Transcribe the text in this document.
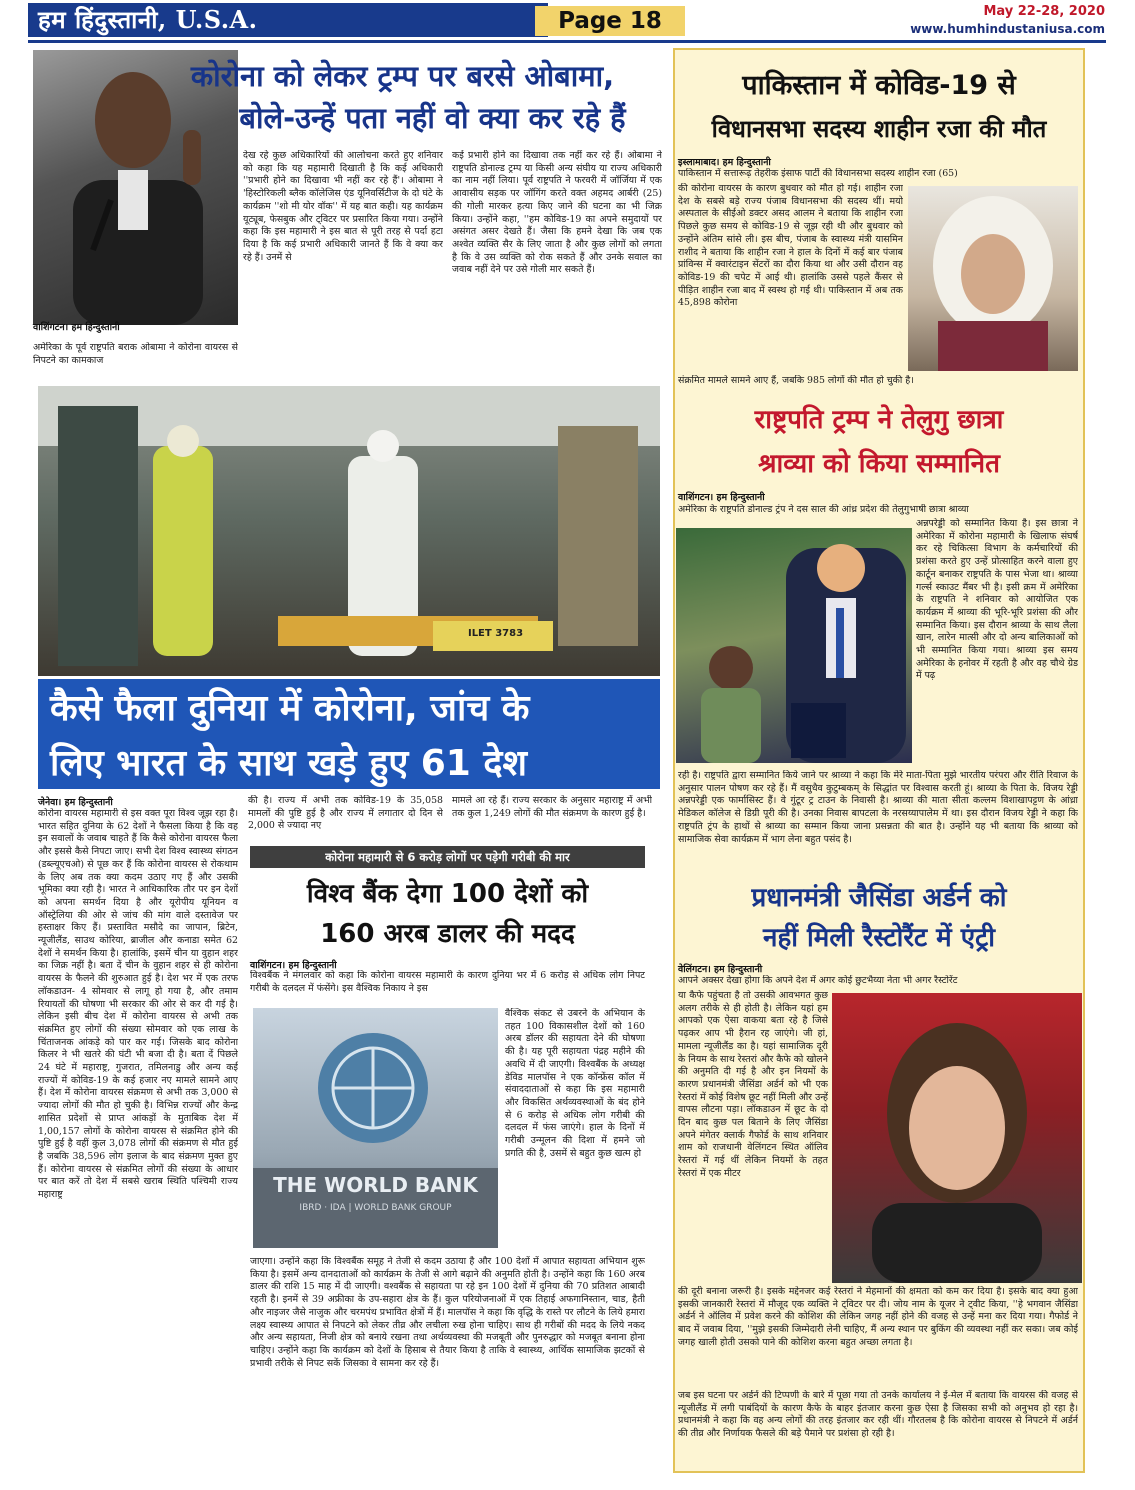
हम हिंदुस्तानी, U.S.A.	Page 18	May 22-28, 2020
www.humhindustaniusa.com
कोरोना को लेकर ट्रम्प पर बरसे ओबामा,
बोले-उन्हें पता नहीं वो क्या कर रहे हैं
वाशिंगटन। हम हिन्दुस्तानी
अमेरिका के पूर्व राष्ट्रपति बराक ओबामा ने कोरोना वायरस से निपटने का कामकाज
देख रहे कुछ अधिकारियों की आलोचना करते हुए शनिवार को कहा कि यह महामारी दिखाती है कि कई अधिकारी ''प्रभारी होने का दिखावा भी नहीं कर रहे हैं'। ओबामा ने 'हिस्टोरिकली ब्लैक कॉलेजिस एंड यूनिवर्सिटीज के दो घंटे के कार्यक्रम ''शो मी योर वॉक'' में यह बात कही। यह कार्यक्रम यूट्यूब, फेसबुक और ट्विटर पर प्रसारित किया गया। उन्होंने कहा कि इस महामारी ने इस बात से पूरी तरह से पर्दा हटा दिया है कि कई प्रभारी अधिकारी जानते हैं कि वे क्या कर रहे हैं। उनमें से
कई प्रभारी होने का दिखावा तक नहीं कर रहे हैं। ओबामा ने राष्ट्रपति डोनाल्ड ट्रम्प या किसी अन्य संघीय या राज्य अधिकारी का नाम नहीं लिया। पूर्व राष्ट्रपति ने फरवरी में जॉर्जिया में एक आवासीय सड़क पर जॉगिंग करते वक्त अहमद आर्बरी (25) की गोली मारकर हत्या किए जाने की घटना का भी जिक्र किया। उन्होंने कहा, ''हम कोविड-19 का अपने समुदायों पर असंगत असर देखते हैं। जैसा कि हमने देखा कि जब एक अश्वेत व्यक्ति सैर के लिए जाता है और कुछ लोगों को लगता है कि वे उस व्यक्ति को रोक सकते हैं और उनके सवाल का जवाब नहीं देने पर उसे गोली मार सकते हैं।
ILET 3783
कैसे फैला दुनिया में कोरोना, जांच के
लिए भारत के साथ खड़े हुए 61 देश
जेनेवा। हम हिन्दुस्तानी
कोरोना वायरस महामारी से इस वक्त पूरा विश्व जूझ रहा है। भारत सहित दुनिया के 62 देशों ने फैसला किया है कि वह इन सवालों के जवाब चाहते हैं कि कैसे कोरोना वायरस फैला और इससे कैसे निपटा जाए। सभी देश विश्व स्वास्थ्य संगठन (डब्ल्यूएचओ) से पूछ कर हैं कि कोरोना वायरस से रोकथाम के लिए अब तक क्या कदम उठाए गए हैं और उसकी भूमिका क्या रही है। भारत ने आधिकारिक तौर पर इन देशों को अपना समर्थन दिया है और यूरोपीय यूनियन व ऑस्ट्रेलिया की ओर से जांच की मांग वाले दस्तावेज पर हस्ताक्षर किए हैं। प्रस्तावित मसौदे का जापान, ब्रिटेन, न्यूजीलैंड, साउथ कोरिया, ब्राजील और कनाडा समेत 62 देशों ने समर्थन किया है। हालांकि, इसमें चीन या वुहान शहर का जिक्र नहीं है। बता दें चीन के वुहान शहर से ही कोरोना वायरस के फैलने की शुरुआत हुई है। देश भर में एक तरफ लॉकडाउन- 4 सोमवार से लागू हो गया है, और तमाम रियायतों की घोषणा भी सरकार की ओर से कर दी गई है। लेकिन इसी बीच देश में कोरोना वायरस से अभी तक संक्रमित हुए लोगों की संख्या सोमवार को एक लाख के चिंताजनक आंकड़े को पार कर गई। जिसके बाद कोरोना किलर ने भी खतरे की घंटी भी बजा दी है। बता दें पिछले 24 घंटे में महाराष्ट्र, गुजरात, तमिलनाडु और अन्य कई राज्यों में कोविड-19 के कई हजार नए मामले सामने आए हैं। देश में कोरोना वायरस संक्रमण से अभी तक 3,000 से ज्यादा लोगों की मौत हो चुकी है। विभिन्न राज्यों और केन्द्र शासित प्रदेशों से प्राप्त आंकड़ों के मुताबिक देश में 1,00,157 लोगों के कोरोना वायरस से संक्रमित होने की पुष्टि हुई है वहीं कुल 3,078 लोगों की संक्रमण से मौत हुई है जबकि 38,596 लोग इलाज के बाद संक्रमण मुक्त हुए हैं। कोरोना वायरस से संक्रमित लोगों की संख्या के आधार पर बात करें तो देश में सबसे खराब स्थिति पश्चिमी राज्य महाराष्ट्र
की है। राज्य में अभी तक कोविड-19 के 35,058 मामलों की पुष्टि हुई है और राज्य में लगातार दो दिन से 2,000 से ज्यादा नए
मामले आ रहे हैं। राज्य सरकार के अनुसार महाराष्ट्र में अभी तक कुल 1,249 लोगों की मौत संक्रमण के कारण हुई है।
कोरोना महामारी से 6 करोड़ लोगों पर पड़ेगी गरीबी की मार
विश्व बैंक देगा 100 देशों को
160 अरब डालर की मदद
वाशिंगटन। हम हिन्दुस्तानी
विश्वबैंक ने मंगलवार को कहा कि कोरोना वायरस महामारी के कारण दुनिया भर में 6 करोड़ से अधिक लोग निपट गरीबी के दलदल में फंसेंगे। इस वैश्विक निकाय ने इस
THE WORLD BANK
IBRD · IDA | WORLD BANK GROUP
वैश्विक संकट से उबरने के अभियान के तहत 100 विकासशील देशों को 160 अरब डॉलर की सहायता देने की घोषणा की है। यह पूरी सहायता पंद्रह महीने की अवधि में दी जाएगी। विश्वबैंक के अध्यक्ष डेविड मालपॉस ने एक कॉन्फ्रेंस कॉल में संवाददाताओं से कहा कि इस महामारी और विकसित अर्थव्यवस्थाओं के बंद होने से 6 करोड़ से अधिक लोग गरीबी की दलदल में फंस जाएंगे। हाल के दिनों में गरीबी उन्मूलन की दिशा में हमने जो प्रगति की है, उसमें से बहुत कुछ खत्म हो
जाएगा। उन्होंने कहा कि विश्वबैंक समूह ने तेजी से कदम उठाया है और 100 देशों में आपात सहायता अभियान शुरू किया है। इसमें अन्य दानदाताओं को कार्यक्रम के तेजी से आगे बढ़ाने की अनुमति होती है। उन्होंने कहा कि 160 अरब डालर की राशि 15 माह में दी जाएगी। वश्वबैंक से सहायता पा रहे इन 100 देशों में दुनिया की 70 प्रतिशत आबादी रहती है। इनमें से 39 अफ्रीका के उप-सहारा क्षेत्र के हैं। कुल परियोजनाओं में एक तिहाई अफगानिस्तान, चाड, हैती और नाइजर जैसे नाजुक और चरमपंथ प्रभावित क्षेत्रों में हैं। मालपॉस ने कहा कि वृद्धि के रास्ते पर लौटने के लिये हमारा लक्ष्य स्वास्थ्य आपात से निपटने को लेकर तीव्र और लचीला रुख होना चाहिए। साथ ही गरीबों की मदद के लिये नकद और अन्य सहायता, निजी क्षेत्र को बनाये रखना तथा अर्थव्यवस्था की मजबूती और पुनरुद्धार को मजबूत बनाना होना चाहिए। उन्होंने कहा कि कार्यक्रम को देशों के हिसाब से तैयार किया है ताकि वे स्वास्थ्य, आर्थिक सामाजिक झटकों से प्रभावी तरीके से निपट सकें जिसका वे सामना कर रहे हैं।
पाकिस्तान में कोविड-19 से
विधानसभा सदस्य शाहीन रजा की मौत
इस्लामाबाद। हम हिन्दुस्तानी
पाकिस्तान में सत्तारूढ़ तेहरीक इंसाफ पार्टी की विधानसभा सदस्य शाहीन रजा (65)
की कोरोना वायरस के कारण बुधवार को मौत हो गई। शाहीन रजा देश के सबसे बड़े राज्य पंजाब विधानसभा की सदस्य थीं। मयो अस्पताल के सीईओ डक्टर असद आलम ने बताया कि शाहीन रजा पिछले कुछ समय से कोविड-19 से जूझ रही थी और बुधवार को उन्होंने अंतिम सांसे ली। इस बीच, पंजाब के स्वास्थ्य मंत्री यासमिन राशीद ने बताया कि शाहीन रजा ने हाल के दिनों में कई बार पंजाब प्रांविन्स में क्वारंटाइन सेंटरों का दौरा किया था और उसी दौरान वह कोविड-19 की चपेट में आई थी। हालांकि उससे पहले कैंसर से पीड़ित शाहीन रजा बाद में स्वस्थ हो गई थी। पाकिस्तान में अब तक 45,898 कोरोना
संक्रमित मामले सामने आए हैं, जबकि 985 लोगों की मौत हो चुकी है।
राष्ट्रपति ट्रम्प ने तेलुगु छात्रा
श्राव्या को किया सम्मानित
वाशिंगटन। हम हिन्दुस्तानी
अमेरिका के राष्ट्रपति डोनाल्ड ट्रंप ने दस साल की आंध्र प्रदेश की तेलुगुभाषी छात्रा श्राव्या
अन्नपरेड्डी को सम्मानित किया है। इस छात्रा ने अमेरिका में कोरोना महामारी के खिलाफ संघर्ष कर रहे चिकित्सा विभाग के कर्मचारियों की प्रशंसा करते हुए उन्हें प्रोत्साहित करने वाला हुए कार्टून बनाकर राष्ट्रपति के पास भेजा था। श्राव्या गर्ल्स स्काउट मैंबर भी है। इसी क्रम में अमेरिका के राष्ट्रपति ने शनिवार को आयोजित एक कार्यक्रम में श्राव्या की भूरि-भूरि प्रशंसा की और सम्मानित किया। इस दौरान श्राव्या के साथ लैला खान, लारेन मात्सी और दो अन्य बालिकाओं को भी सम्मानित किया गया। श्राव्या इस समय अमेरिका के हनोवर में रहती है और वह चौथे ग्रेड में पढ़
रही है। राष्ट्रपति द्वारा सम्मानित किये जाने पर श्राव्या ने कहा कि मेरे माता-पिता मुझे भारतीय परंपरा और रीति रिवाज के अनुसार पालन पोषण कर रहे हैं। मैं वसुधैव कुटुम्बकम् के सिद्धांत पर विश्वास करती हूं। श्राव्या के पिता के. विजय रेड्डी अन्नपरेड्डी एक फार्मासिस्ट हैं। वे गुंटूर ट्र टाउन के निवासी है। श्राव्या की माता सीता कल्लम विशाखापट्टण के आंध्रा मेडिकल कॉलेज से डिग्री पूरी की है। उनका निवास बापटला के नरसय्यापालेम में था। इस दौरान विजय रेड्डी ने कहा कि राष्ट्रपति ट्रंप के हाथों से श्राव्या का सम्मान किया जाना प्रसन्नता की बात है। उन्होंने यह भी बताया कि श्राव्या को सामाजिक सेवा कार्यक्रम में भाग लेना बहुत पसंद है।
प्रधानमंत्री जैसिंडा अर्डर्न को
नहीं मिली रैस्टोरैंट में एंट्री
वेलिंगटन। हम हिन्दुस्तानी
आपने अक्सर देखा होगा कि अपने देश में अगर कोई छुटभैय्या नेता भी अगर रैस्टोरेंट
या कैफे पहुंचता है तो उसकी आवभगत कुछ अलग तरीके से ही होती है। लेकिन यहां हम आपको एक ऐसा वाकया बता रहे है जिसे पढ़कर आप भी हैरान रह जाएंगे। जी हां, मामला न्यूजीलैंड का है। यहां सामाजिक दूरी के नियम के साथ रेस्तरां और कैफे को खोलने की अनुमति दी गई है और इन नियमों के कारण प्रधानमंत्री जैसिंडा अर्डर्न को भी एक रेस्तरां में कोई विशेष छूट नहीं मिली और उन्हें वापस लौटना पड़ा। लॉकडाउन में छूट के दो दिन बाद कुछ पल बिताने के लिए जैसिंडा अपने मंगेतर क्लार्क गैफोर्ड के साथ शनिवार शाम को राजधानी वेलिंगटन स्थित ऑलिव रेस्तरां में गई थीं लेकिन नियमों के तहत रेस्तरां में एक मीटर
की दूरी बनाना जरूरी है। इसके मद्देनजर कई रेस्तरां ने मेहमानों की क्षमता को कम कर दिया है। इसके बाद क्या हुआ इसकी जानकारी रेस्तरां में मौजूद एक व्यक्ति ने ट्विटर पर दी। जोय नाम के यूजर ने ट्वीट किया, ''हे भगवान जैसिंडा अर्डर्न ने ऑलिव में प्रवेश करने की कोशिश की लेकिन जगह नहीं होने की वजह से उन्हें मना कर दिया गया। गैफोर्ड ने बाद में जवाब दिया, ''मुझे इसकी जिम्मेदारी लेनी चाहिए, मैं अन्य स्थान पर बुकिंग की व्यवस्था नहीं कर सका। जब कोई जगह खाली होती उसको पाने की कोशिश करना बहुत अच्छा लगता है।
जब इस घटना पर अर्डर्न की टिप्पणी के बारे में पूछा गया तो उनके कार्यालय ने ई-मेल में बताया कि वायरस की वजह से न्यूजीलैंड में लगी पाबंदियों के कारण कैफे के बाहर इंतजार करना कुछ ऐसा है जिसका सभी को अनुभव हो रहा है। प्रधानमंत्री ने कहा कि वह अन्य लोगों की तरह इंतजार कर रही थीं। गौरतलब है कि कोरोना वायरस से निपटने में अर्डर्न की तीव्र और निर्णायक फैसले की बड़े पैमाने पर प्रशंसा हो रही है।
